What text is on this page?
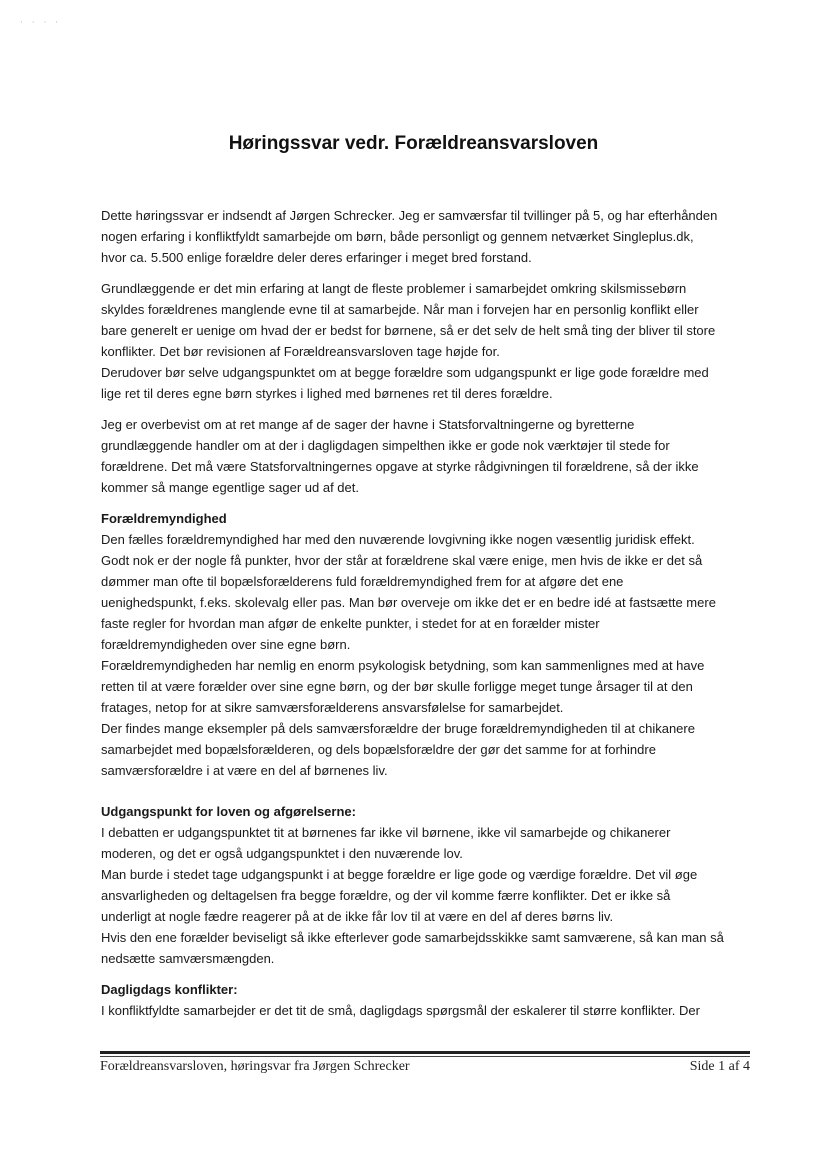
· · · ·
Høringssvar vedr. Forældreansvarsloven

Dette høringssvar er indsendt af Jørgen Schrecker. Jeg er samværsfar til tvillinger på 5, og har efterhånden
nogen erfaring i konfliktfyldt samarbejde om børn, både personligt og gennem netværket Singleplus.dk,
hvor ca. 5.500 enlige forældre deler deres erfaringer i meget bred forstand.

Grundlæggende er det min erfaring at langt de fleste problemer i samarbejdet omkring skilsmissebørn
skyldes forældrenes manglende evne til at samarbejde. Når man i forvejen har en personlig konflikt eller
bare generelt er uenige om hvad der er bedst for børnene, så er det selv de helt små ting der bliver til store
konflikter. Det bør revisionen af Forældreansvarsloven tage højde for.
Derudover bør selve udgangspunktet om at begge forældre som udgangspunkt er lige gode forældre med
lige ret til deres egne børn styrkes i lighed med børnenes ret til deres forældre.

Jeg er overbevist om at ret mange af de sager der havne i Statsforvaltningerne og byretterne
grundlæggende handler om at der i dagligdagen simpelthen ikke er gode nok værktøjer til stede for
forældrene. Det må være Statsforvaltningernes opgave at styrke rådgivningen til forældrene, så der ikke
kommer så mange egentlige sager ud af det.

Forældremyndighed
Den fælles forældremyndighed har med den nuværende lovgivning ikke nogen væsentlig juridisk effekt.
Godt nok er der nogle få punkter, hvor der står at forældrene skal være enige, men hvis de ikke er det så
dømmer man ofte til bopælsforælderens fuld forældremyndighed frem for at afgøre det ene
uenighedspunkt, f.eks. skolevalg eller pas. Man bør overveje om ikke det er en bedre idé at fastsætte mere
faste regler for hvordan man afgør de enkelte punkter, i stedet for at en forælder mister
forældremyndigheden over sine egne børn.
Forældremyndigheden har nemlig en enorm psykologisk betydning, som kan sammenlignes med at have
retten til at være forælder over sine egne børn, og der bør skulle forligge meget tunge årsager til at den
fratages, netop for at sikre samværsforælderens ansvarsfølelse for samarbejdet.
Der findes mange eksempler på dels samværsforældre der bruge forældremyndigheden til at chikanere
samarbejdet med bopælsforælderen, og dels bopælsforældre der gør det samme for at forhindre
samværsforældre i at være en del af børnenes liv.

Udgangspunkt for loven og afgørelserne:
I debatten er udgangspunktet tit at børnenes far ikke vil børnene, ikke vil samarbejde og chikanerer
moderen, og det er også udgangspunktet i den nuværende lov.
Man burde i stedet tage udgangspunkt i at begge forældre er lige gode og værdige forældre. Det vil øge
ansvarligheden og deltagelsen fra begge forældre, og der vil komme færre konflikter. Det er ikke så
underligt at nogle fædre reagerer på at de ikke får lov til at være en del af deres børns liv.
Hvis den ene forælder beviseligt så ikke efterlever gode samarbejdsskikke samt samværene, så kan man så
nedsætte samværsmængden.

Dagligdags konflikter:
I konfliktfyldte samarbejder er det tit de små, dagligdags spørgsmål der eskalerer til større konflikter. Der

Forældreansvarsloven, høringsvar fra Jørgen Schrecker	Side 1 af 4
